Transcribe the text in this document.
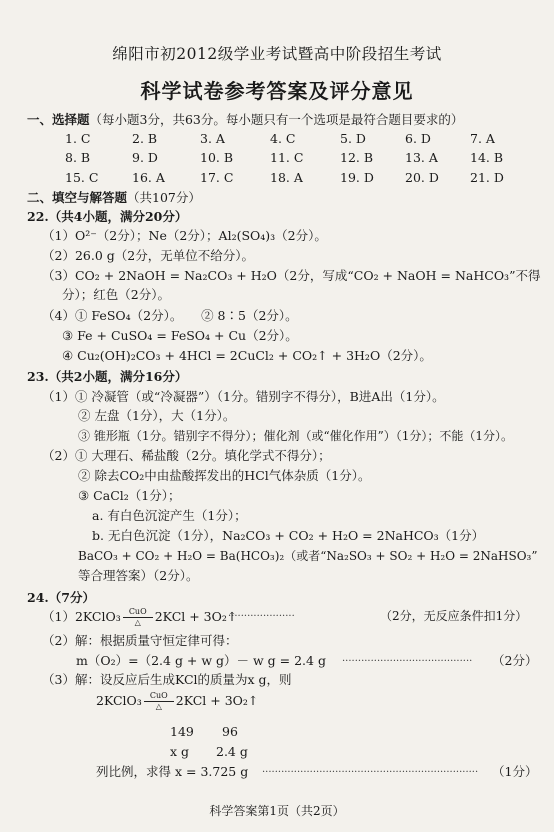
绵阳市初2012级学业考试暨高中阶段招生考试
科学试卷参考答案及评分意见
一、选择题（每小题3分，共63分。每小题只有一个选项是最符合题目要求的）
1. C	2. B	3. A	4. C	5. D	6. D	7. A
8. B	9. D	10. B	11. C	12. B	13. A	14. B
15. C	16. A	17. C	18. A	19. D 20. D 21. D
二、填空与解答题（共107分）
22.（共4小题，满分20分）
（1）O²⁻（2分）；Ne（2分）；Al₂(SO₄)₃（2分）。
（2）26.0 g（2分，无单位不给分）。
（3）CO₂ + 2NaOH = Na₂CO₃ + H₂O（2分，写成“CO₂ + NaOH = NaHCO₃”不得
分）；红色（2分）。
（4）① FeSO₄（2分）。　　② 8∶5（2分）。
③ Fe + CuSO₄ = FeSO₄ + Cu（2分）。
④ Cu₂(OH)₂CO₃ + 4HCl = 2CuCl₂ + CO₂↑ + 3H₂O（2分）。
23.（共2小题，满分16分）
（1）① 冷凝管（或“冷凝器”）（1分。错别字不得分），B进A出（1分）。
② 左盘（1分），大（1分）。
③ 锥形瓶（1分。错别字不得分）；催化剂（或“催化作用”）（1分）；不能（1分）。
（2）① 大理石、稀盐酸（2分。填化学式不得分）；
② 除去CO₂中由盐酸挥发出的HCl气体杂质（1分）。
③ CaCl₂（1分）；
a. 有白色沉淀产生（1分）；
b. 无白色沉淀（1分），Na₂CO₃ + CO₂ + H₂O = 2NaHCO₃（1分）
BaCO₃ + CO₂ + H₂O = Ba(HCO₃)₂（或者“Na₂SO₃ + SO₂ + H₂O = 2NaHSO₃”
等合理答案）（2分）。
24.（7分）
（1）2KClO₃ $\frac{\text{CuO}}{\triangle} 2KCl$ + 3O₂↑
·····················	（2分，无反应条件扣1分）
（2）解：根据质量守恒定律可得：
m（O₂）=（2.4 g + w g）－ w g = 2.4 g ········································· （2分）
（3）解：设反应后生成KCl的质量为x g，则
2KClO₃ $\frac{\text{CuO}}{\triangle} 2KCl$ + 3O₂↑
149 96
x g 2.4 g
列比例，求得 x = 3.725 g ···································································· （1分）
科学答案第1页（共2页）
